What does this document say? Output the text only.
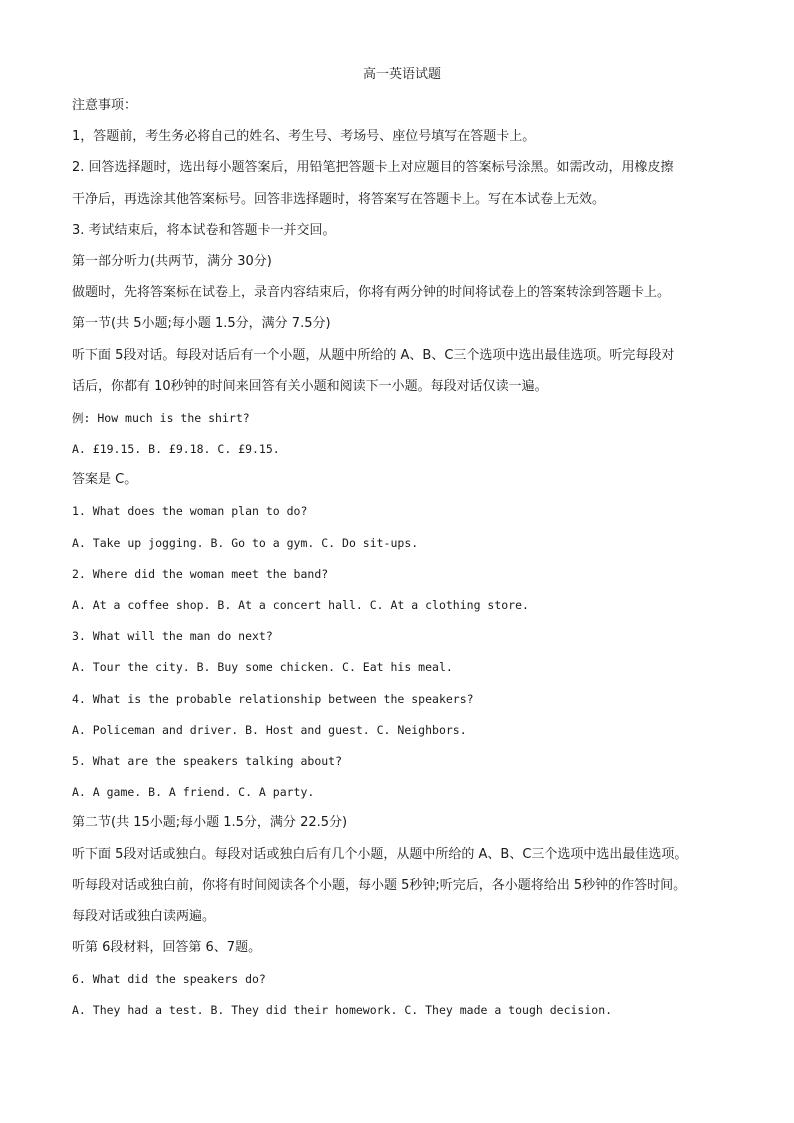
高一英语试题
注意事项：
1，答题前，考生务必将自己的姓名、考生号、考场号、座位号填写在答题卡上。
2. 回答选择题时，选出每小题答案后，用铅笔把答题卡上对应题目的答案标号涂黑。如需改动，用橡皮擦
干净后，再选涂其他答案标号。回答非选择题时，将答案写在答题卡上。写在本试卷上无效。
3. 考试结束后，将本试卷和答题卡一并交回。
第一部分听力(共两节，满分 30分)
做题时，先将答案标在试卷上，录音内容结束后，你将有两分钟的时间将试卷上的答案转涂到答题卡上。
第一节(共 5小题;每小题 1.5分，满分 7.5分)
听下面 5段对话。每段对话后有一个小题，从题中所给的 A、B、C三个选项中选出最佳选项。听完每段对
话后，你都有 10秒钟的时间来回答有关小题和阅读下一小题。每段对话仅读一遍。
例: How much is the shirt?
A. £19.15. B. £9.18. C. £9.15.
答案是 C。
1. What does the woman plan to do?
A. Take up jogging. B. Go to a gym. C. Do sit-ups.
2. Where did the woman meet the band?
A. At a coffee shop. B. At a concert hall. C. At a clothing store.
3. What will the man do next?
A. Tour the city. B. Buy some chicken. C. Eat his meal.
4. What is the probable relationship between the speakers?
A. Policeman and driver. B. Host and guest. C. Neighbors.
5. What are the speakers talking about?
A. A game. B. A friend. C. A party.
第二节(共 15小题;每小题 1.5分，满分 22.5分)
听下面 5段对话或独白。每段对话或独白后有几个小题，从题中所给的 A、B、C三个选项中选出最佳选项。
听每段对话或独白前，你将有时间阅读各个小题，每小题 5秒钟;听完后，各小题将给出 5秒钟的作答时间。
每段对话或独白读两遍。
听第 6段材料，回答第 6、7题。
6. What did the speakers do?
A. They had a test. B. They did their homework. C. They made a tough decision.
